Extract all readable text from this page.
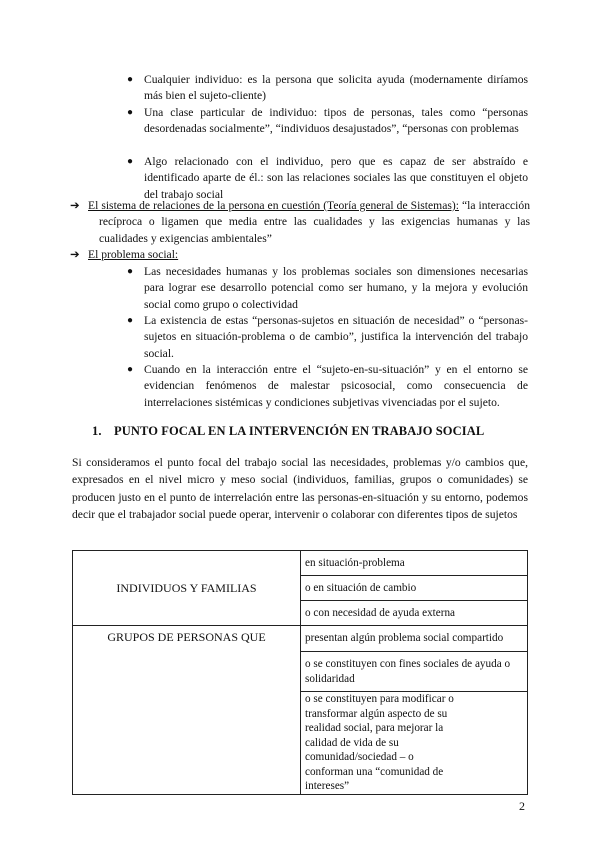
● Cualquier individuo: es la persona que solicita ayuda (modernamente diríamos más bien el sujeto-cliente)
● Una clase particular de individuo: tipos de personas, tales como “personas desordenadas socialmente”, “individuos desajustados”, “personas con problemas
● Algo relacionado con el individuo, pero que es capaz de ser abstraído e identificado aparte de él.: son las relaciones sociales las que constituyen el objeto del trabajo social
➔ El sistema de relaciones de la persona en cuestión (Teoría general de Sistemas): “la interacción recíproca o ligamen que media entre las cualidades y las exigencias humanas y las cualidades y exigencias ambientales”
➔ El problema social:
● Las necesidades humanas y los problemas sociales son dimensiones necesarias para lograr ese desarrollo potencial como ser humano, y la mejora y evolución social como grupo o colectividad
● La existencia de estas “personas-sujetos en situación de necesidad” o “personas-sujetos en situación-problema o de cambio”, justifica la intervención del trabajo social.
● Cuando en la interacción entre el “sujeto-en-su-situación” y en el entorno se evidencian fenómenos de malestar psicosocial, como consecuencia de interrelaciones sistémicas y condiciones subjetivas vivenciadas por el sujeto.
1. PUNTO FOCAL EN LA INTERVENCIÓN EN TRABAJO SOCIAL
Si consideramos el punto focal del trabajo social las necesidades, problemas y/o cambios que, expresados en el nivel micro y meso social (individuos, familias, grupos o comunidades) se producen justo en el punto de interrelación entre las personas-en-situación y su entorno, podemos decir que el trabajador social puede operar, intervenir o colaborar con diferentes tipos de sujetos
INDIVIDUOS Y FAMILIAS	en situación-problema
	o en situación de cambio
	o con necesidad de ayuda externa
GRUPOS DE PERSONAS QUE	presentan algún problema social compartido
	o se constituyen con fines sociales de ayuda o solidaridad
	o se constituyen para modificar o transformar algún aspecto de su realidad social, para mejorar la calidad de vida de su comunidad/sociedad – o conforman una “comunidad de intereses”
2
